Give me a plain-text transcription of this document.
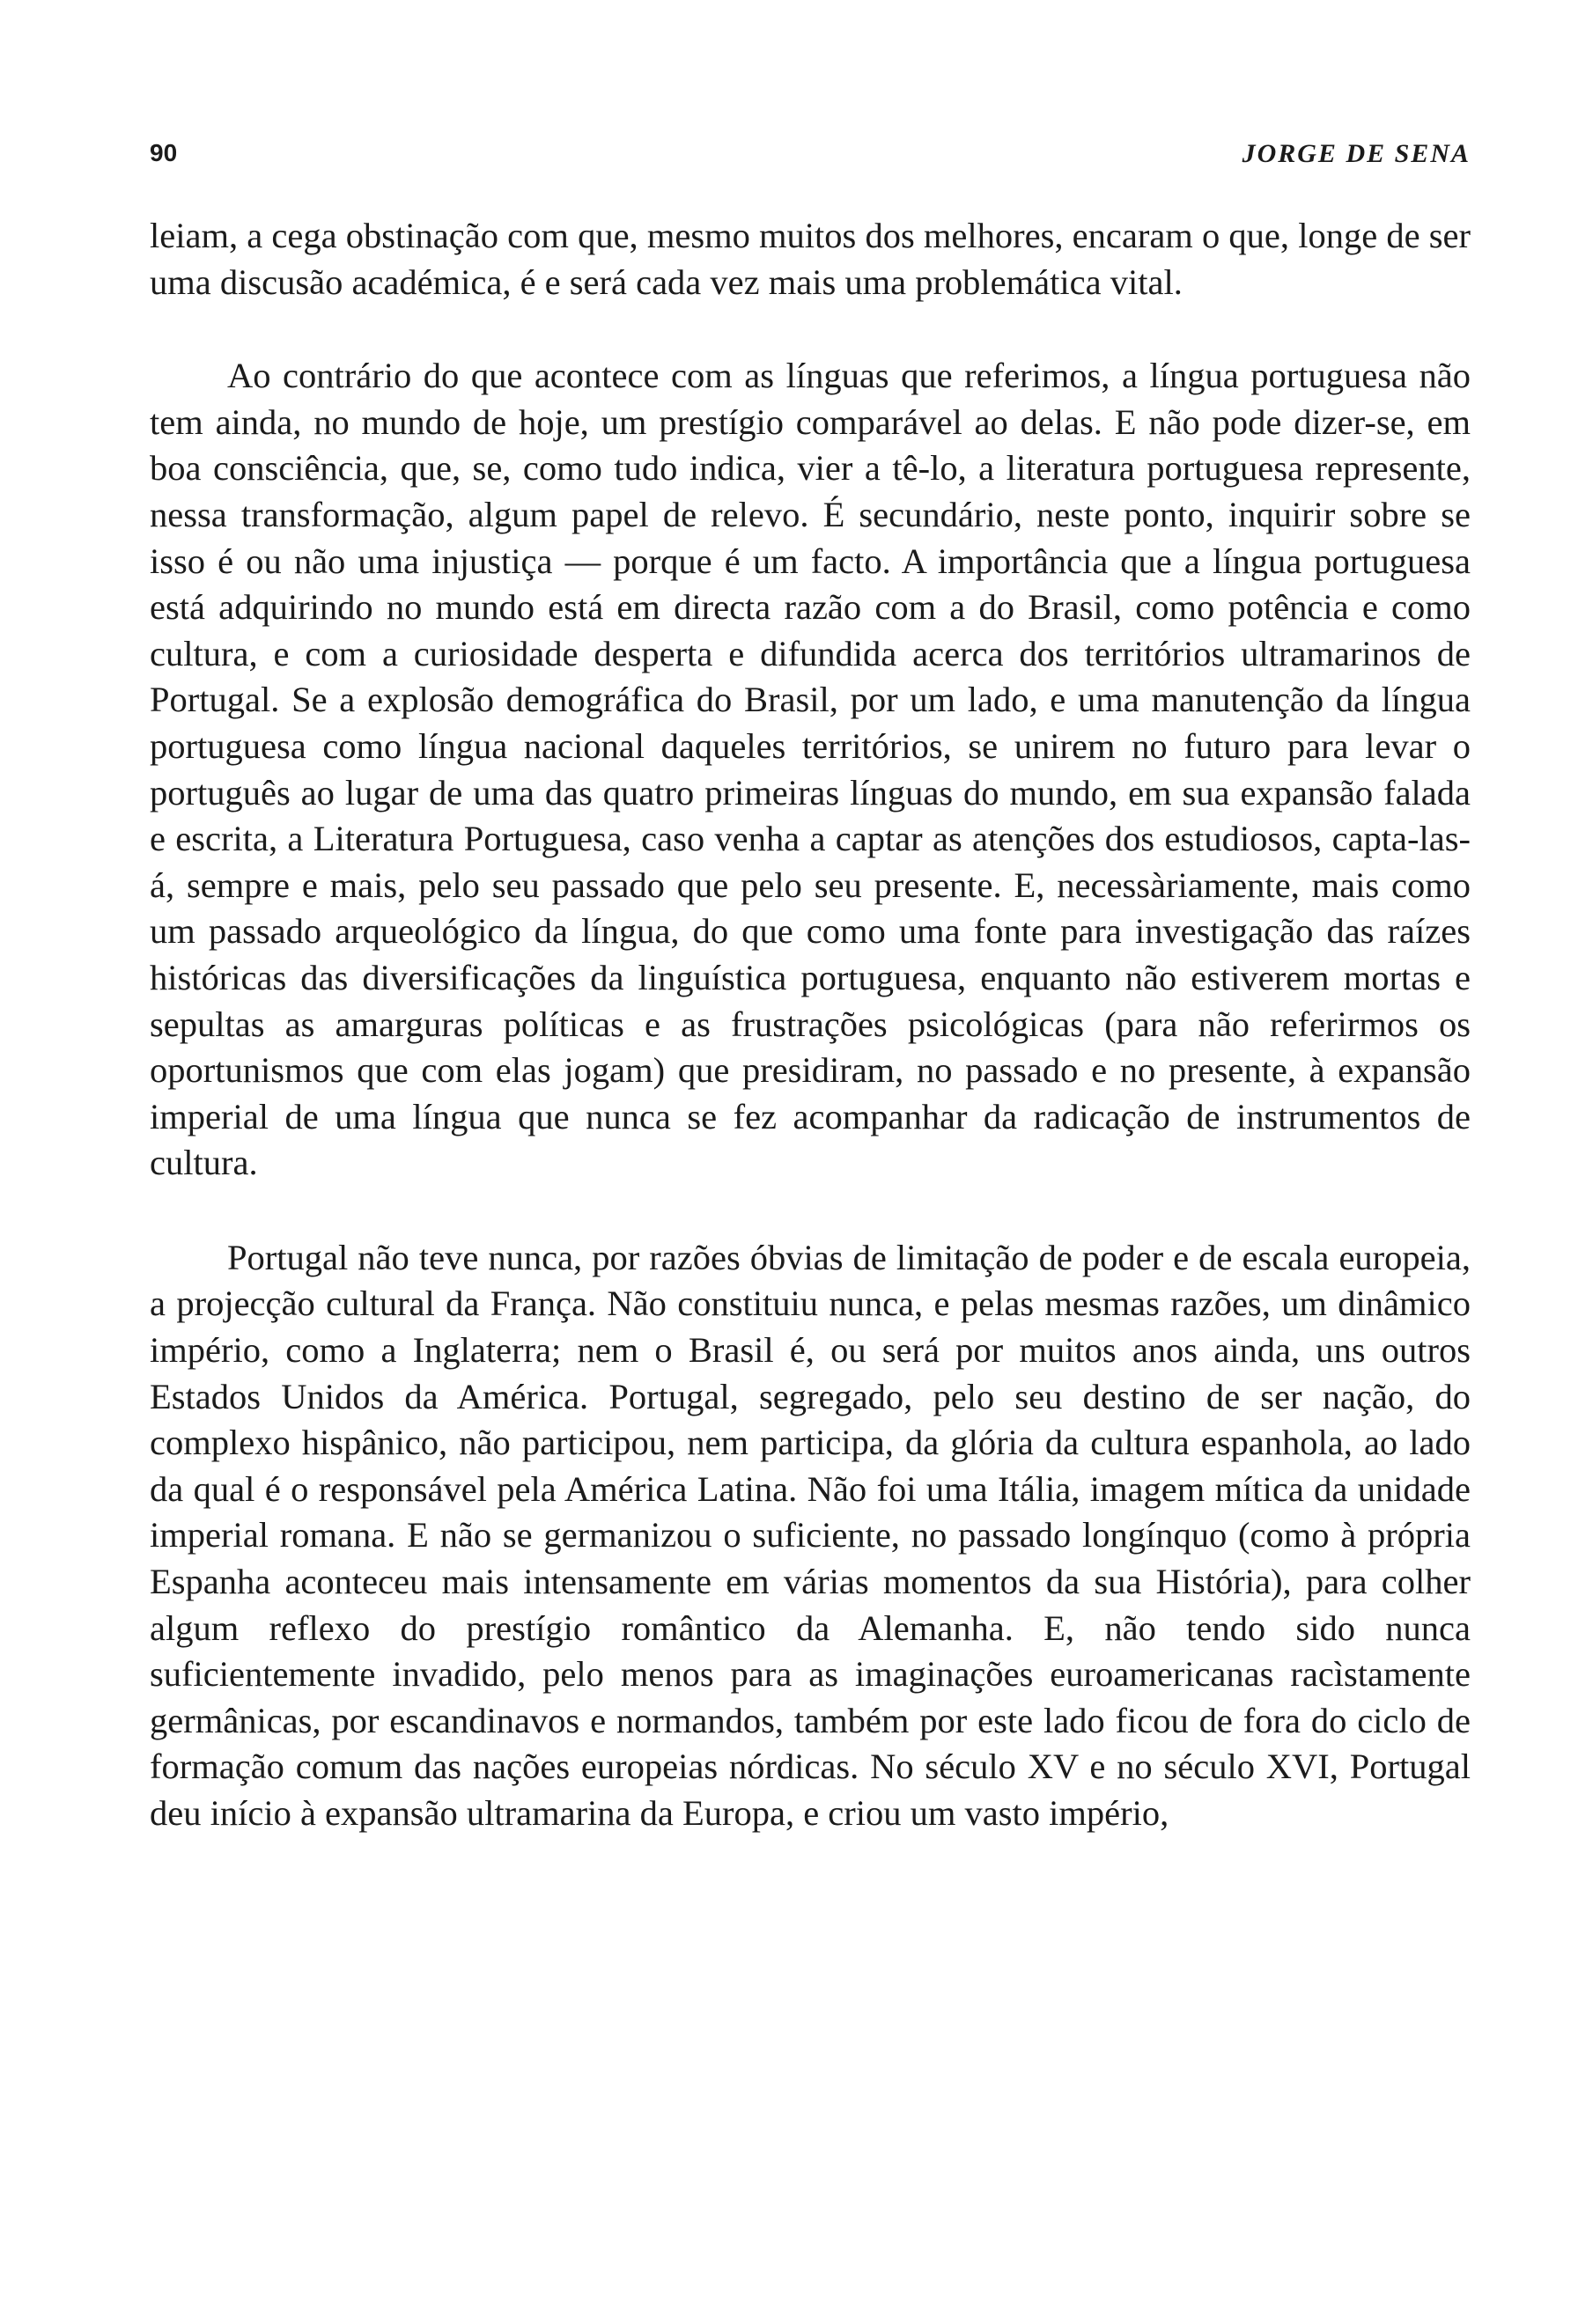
90	JORGE DE SENA

leiam, a cega obstinação com que, mesmo muitos dos melhores, encaram o que, longe de ser uma discusão académica, é e será cada vez mais uma problemática vital.

Ao contrário do que acontece com as línguas que referimos, a língua portuguesa não tem ainda, no mundo de hoje, um prestígio comparável ao delas. E não pode dizer-se, em boa consciência, que, se, como tudo indica, vier a tê-lo, a literatura portuguesa represente, nessa transformação, algum papel de relevo. É secundário, neste ponto, inquirir sobre se isso é ou não uma injustiça — porque é um facto. A importância que a língua portuguesa está adquirindo no mundo está em directa razão com a do Brasil, como potência e como cultura, e com a curiosidade desperta e difundida acerca dos territórios ultramarinos de Portugal. Se a explosão demográfica do Brasil, por um lado, e uma manutenção da língua portuguesa como língua nacional daqueles territórios, se unirem no futuro para levar o português ao lugar de uma das quatro primeiras línguas do mundo, em sua expansão falada e escrita, a Literatura Portuguesa, caso venha a captar as atenções dos estudiosos, capta-las-á, sempre e mais, pelo seu passado que pelo seu presente. E, necessàriamente, mais como um passado arqueológico da língua, do que como uma fonte para investigação das raízes históricas das diversificações da linguística portuguesa, enquanto não estiverem mortas e sepultas as amarguras políticas e as frustrações psicológicas (para não referirmos os oportunismos que com elas jogam) que presidiram, no passado e no presente, à expansão imperial de uma língua que nunca se fez acompanhar da radicação de instrumentos de cultura.

Portugal não teve nunca, por razões óbvias de limitação de poder e de escala europeia, a projecção cultural da França. Não constituiu nunca, e pelas mesmas razões, um dinâmico império, como a Inglaterra; nem o Brasil é, ou será por muitos anos ainda, uns outros Estados Unidos da América. Portugal, segregado, pelo seu destino de ser nação, do complexo hispânico, não participou, nem participa, da glória da cultura espanhola, ao lado da qual é o responsável pela América Latina. Não foi uma Itália, imagem mítica da unidade imperial romana. E não se germanizou o suficiente, no passado longínquo (como à própria Espanha aconteceu mais intensamente em várias momentos da sua História), para colher algum reflexo do prestígio romântico da Alemanha. E, não tendo sido nunca suficientemente invadido, pelo menos para as imaginações euroamericanas racìstamente germânicas, por escandinavos e normandos, também por este lado ficou de fora do ciclo de formação comum das nações europeias nórdicas. No século XV e no século XVI, Portugal deu início à expansão ultramarina da Europa, e criou um vasto império,
